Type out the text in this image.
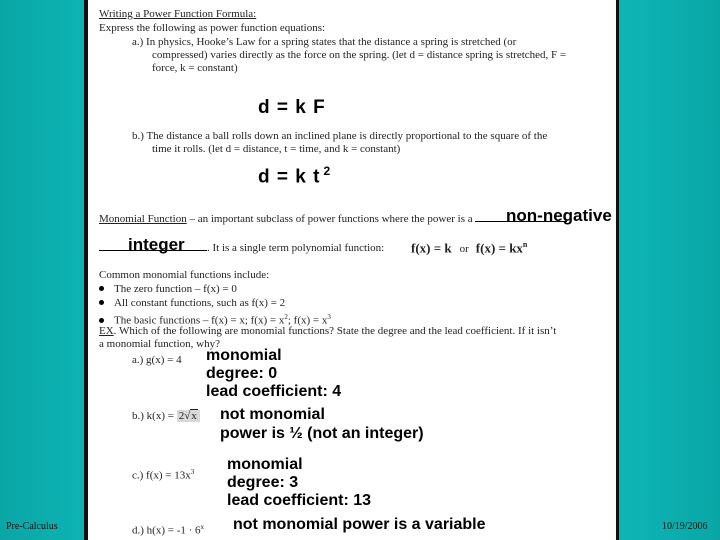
Writing a Power Function Formula:
Express the following as power function equations:
a.) In physics, Hooke’s Law for a spring states that the distance a spring is stretched (or
compressed) varies directly as the force on the spring. (let d = distance spring is stretched, F =
force, k = constant)
d = k F
b.) The distance a ball rolls down an inclined plane is directly proportional to the square of the
time it rolls. (let d = distance, t = time, and k = constant)
d = k t $^2$
Monomial Function – an important subclass of power functions where the power is a	non-negative
. It is a single term polynomial function:
integer	f(x) = k or $f(x) = kx^n$
Common monomial functions include:
The zero function – f(x) = 0
All constant functions, such as f(x) = 2
The basic functions – f(x) = x; $f(x) = x^2$; $f(x) = x^3$
EX. Which of the following are monomial functions? State the degree and the lead coefficient. If it isn’t
a monomial function, why?
a.) g(x) = 4 monomial
degree: 0
lead coefficient: 4
b.) k(x) = 2√x not monomial
power is ½ (not an integer)
c.) $f(x) = 13x^3$ monomial
degree: 3
lead coefficient: 13
d.) $h(x) = -1 \cdot 6^x$ not monomial power is a variable
Pre-Calculus	10/19/2006
